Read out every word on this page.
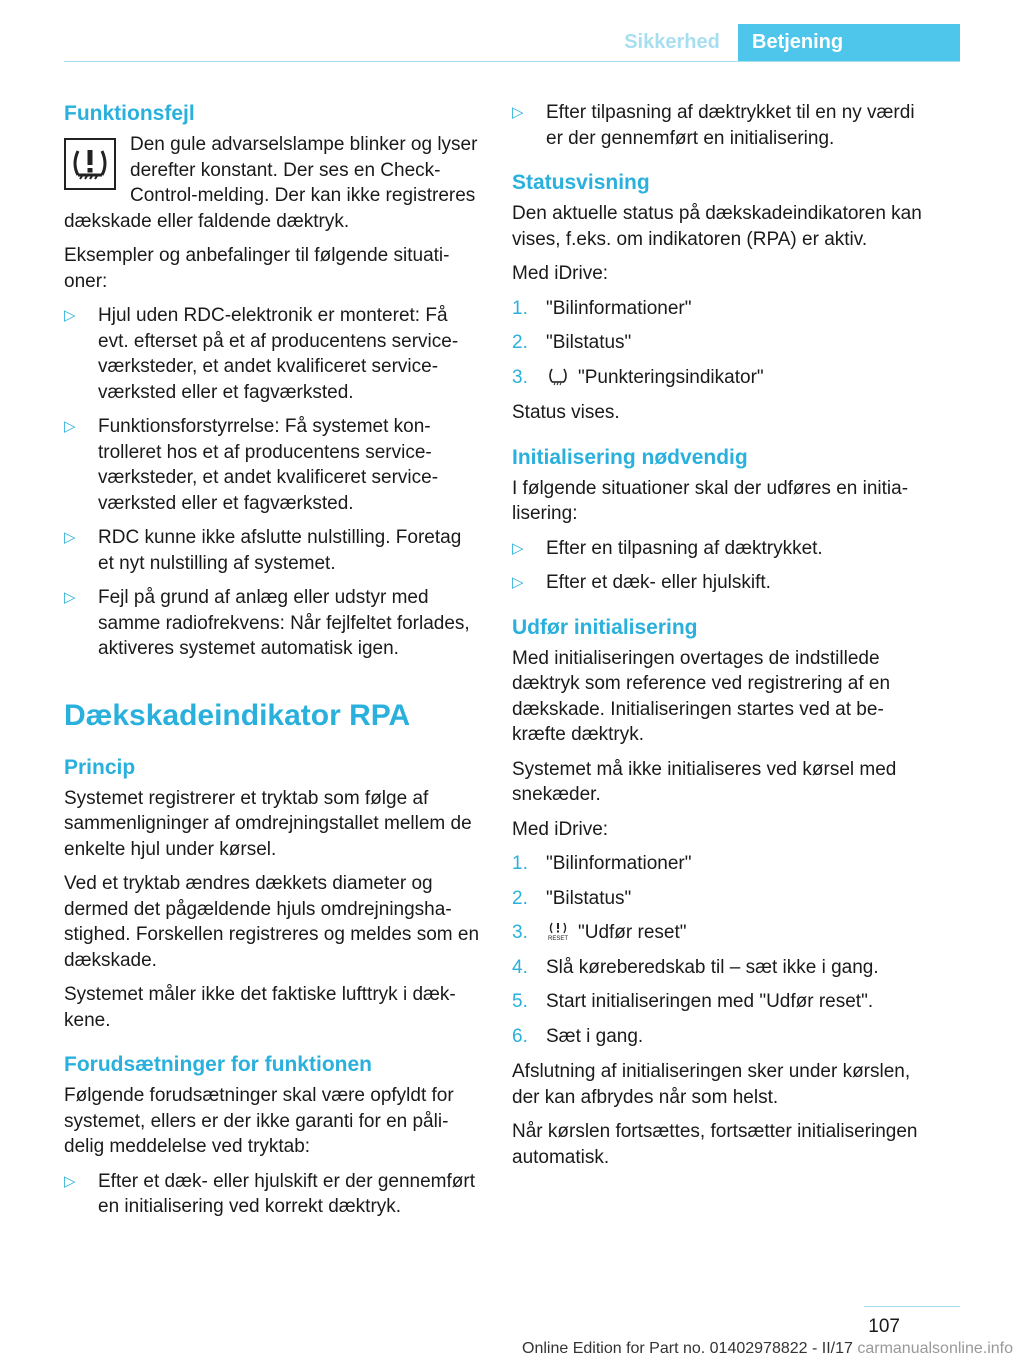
Sikkerhed	Betjening
Funktionsfejl

Den gule advarselslampe blinker og lyser derefter konstant. Der ses en Check-Control-melding. Der kan ikke registreres dækskade eller faldende dæktryk.

Eksempler og anbefalinger til følgende situationer:

▷ Hjul uden RDC-elektronik er monteret: Få evt. efterset på et af producentens serviceværksteder, et andet kvalificeret serviceværksted eller et fagværksted.
▷ Funktionsforstyrrelse: Få systemet kontrolleret hos et af producentens serviceværksteder, et andet kvalificeret serviceværksted eller et fagværksted.
▷ RDC kunne ikke afslutte nulstilling. Foretag et nyt nulstilling af systemet.
▷ Fejl på grund af anlæg eller udstyr med samme radiofrekvens: Når fejlfeltet forlades, aktiveres systemet automatisk igen.
Dækskadeindikator RPA
Princip

Systemet registrerer et tryktab som følge af sammenligninger af omdrejningstallet mellem de enkelte hjul under kørsel.

Ved et tryktab ændres dækkets diameter og dermed det pågældende hjuls omdrejningshastighed. Forskellen registreres og meldes som en dækskade.

Systemet måler ikke det faktiske lufttryk i dækkene.

Forudsætninger for funktionen

Følgende forudsætninger skal være opfyldt for systemet, ellers er der ikke garanti for en pålidelig meddelelse ved tryktab:

▷ Efter et dæk- eller hjulskift er der gennemført en initialisering ved korrekt dæktryk.
▷ Efter tilpasning af dæktrykket til en ny værdi er der gennemført en initialisering.
Statusvisning

Den aktuelle status på dækskadeindikatoren kan vises, f.eks. om indikatoren (RPA) er aktiv.

Med iDrive:

1. "Bilinformationer"
2. "Bilstatus"
3.	"Punkteringsindikator"

Status vises.

Initialisering nødvendig

I følgende situationer skal der udføres en initialisering:

▷ Efter en tilpasning af dæktrykket.
▷ Efter et dæk- eller hjulskift.
Udfør initialisering

Med initialiseringen overtages de indstillede dæktryk som reference ved registrering af en dækskade. Initialiseringen startes ved at bekræfte dæktryk.

Systemet må ikke initialiseres ved kørsel med snekæder.

Med iDrive:

1. "Bilinformationer"
2. "Bilstatus"
3.	RESET "Udfør reset"
4. Slå køreberedskab til – sæt ikke i gang.
5. Start initialiseringen med "Udfør reset".
6. Sæt i gang.

Afslutning af initialiseringen sker under kørslen, der kan afbrydes når som helst.

Når kørslen fortsættes, fortsætter initialiseringen automatisk.

107
Online Edition for Part no. 01402978822 - II/17 carmanualsonline.info
